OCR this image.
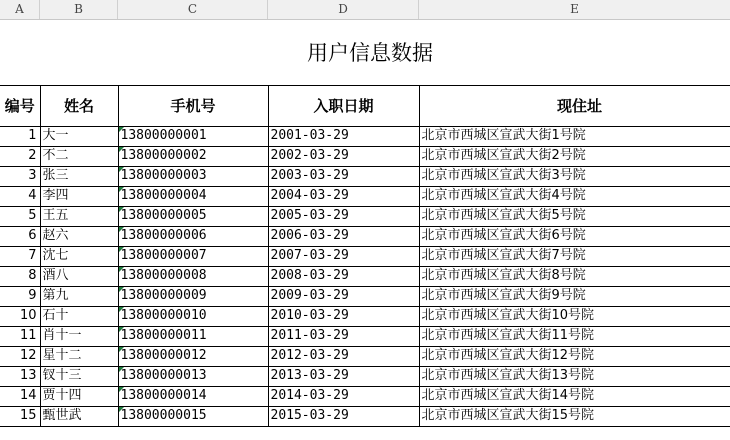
A	B	C	D	E
用户信息数据				
编号	姓名	手机号	入职日期	现住址
1	大一	13800000001	2001-03-29	北京市西城区宣武大街1号院
2	不二	13800000002	2002-03-29	北京市西城区宣武大街2号院
3	张三	13800000003	2003-03-29	北京市西城区宣武大街3号院
4	李四	13800000004	2004-03-29	北京市西城区宣武大街4号院
5	王五	13800000005	2005-03-29	北京市西城区宣武大街5号院
6	赵六	13800000006	2006-03-29	北京市西城区宣武大街6号院
7	沈七	13800000007	2007-03-29	北京市西城区宣武大街7号院
8	酒八	13800000008	2008-03-29	北京市西城区宣武大街8号院
9	第九	13800000009	2009-03-29	北京市西城区宣武大街9号院
10	石十	13800000010	2010-03-29	北京市西城区宣武大街10号院
11	肖十一	13800000011	2011-03-29	北京市西城区宣武大街11号院
12	星十二	13800000012	2012-03-29	北京市西城区宣武大街12号院
13	钗十三	13800000013	2013-03-29	北京市西城区宣武大街13号院
14	贾十四	13800000014	2014-03-29	北京市西城区宣武大街14号院
15	甄世武	13800000015	2015-03-29	北京市西城区宣武大街15号院
